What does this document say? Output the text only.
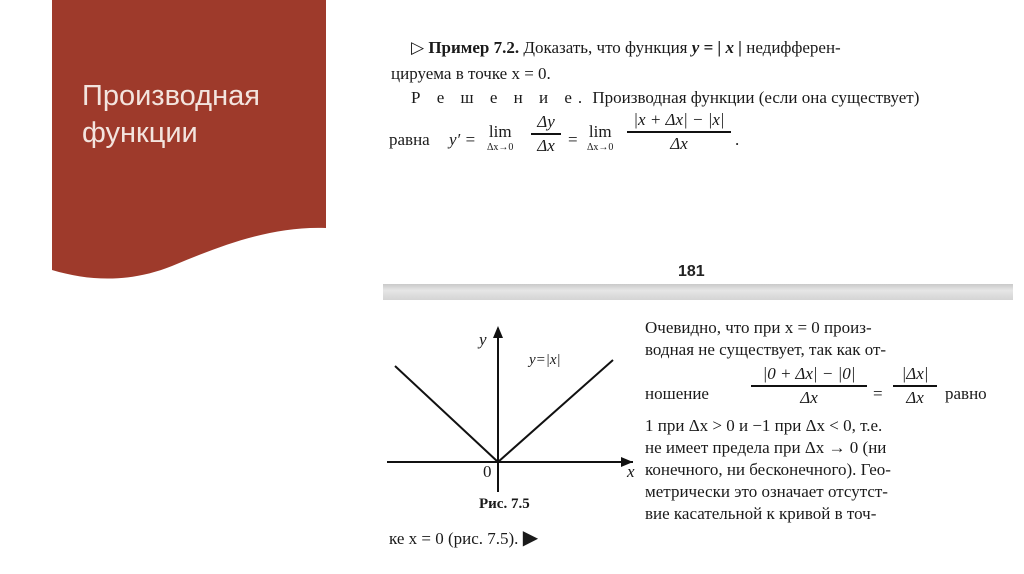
Производная функции
▷ Пример 7.2. Доказать, что функция y = | x | недифферен-
цируема в точке x = 0.
Р е ш е н и е. Производная функции (если она существует)
равна y′ = lim
Δx→0
Δy
Δx = lim
Δx→0
|x + Δx| − |x|
Δx	.
181
y
x
0
y=|x|
Рис. 7.5
Очевидно, что при x = 0 произ-
водная не существует, так как от-
ношение
|0 + Δx| − |0|
Δx	=
|Δx|
Δx	равно
1 при Δx > 0 и −1 при Δx < 0, т.е.
не имеет предела при Δx → 0 (ни
конечного, ни бесконечного). Гео-
метрически это означает отсутст-
вие касательной к кривой в точ-
ке x = 0 (рис. 7.5). ▶
